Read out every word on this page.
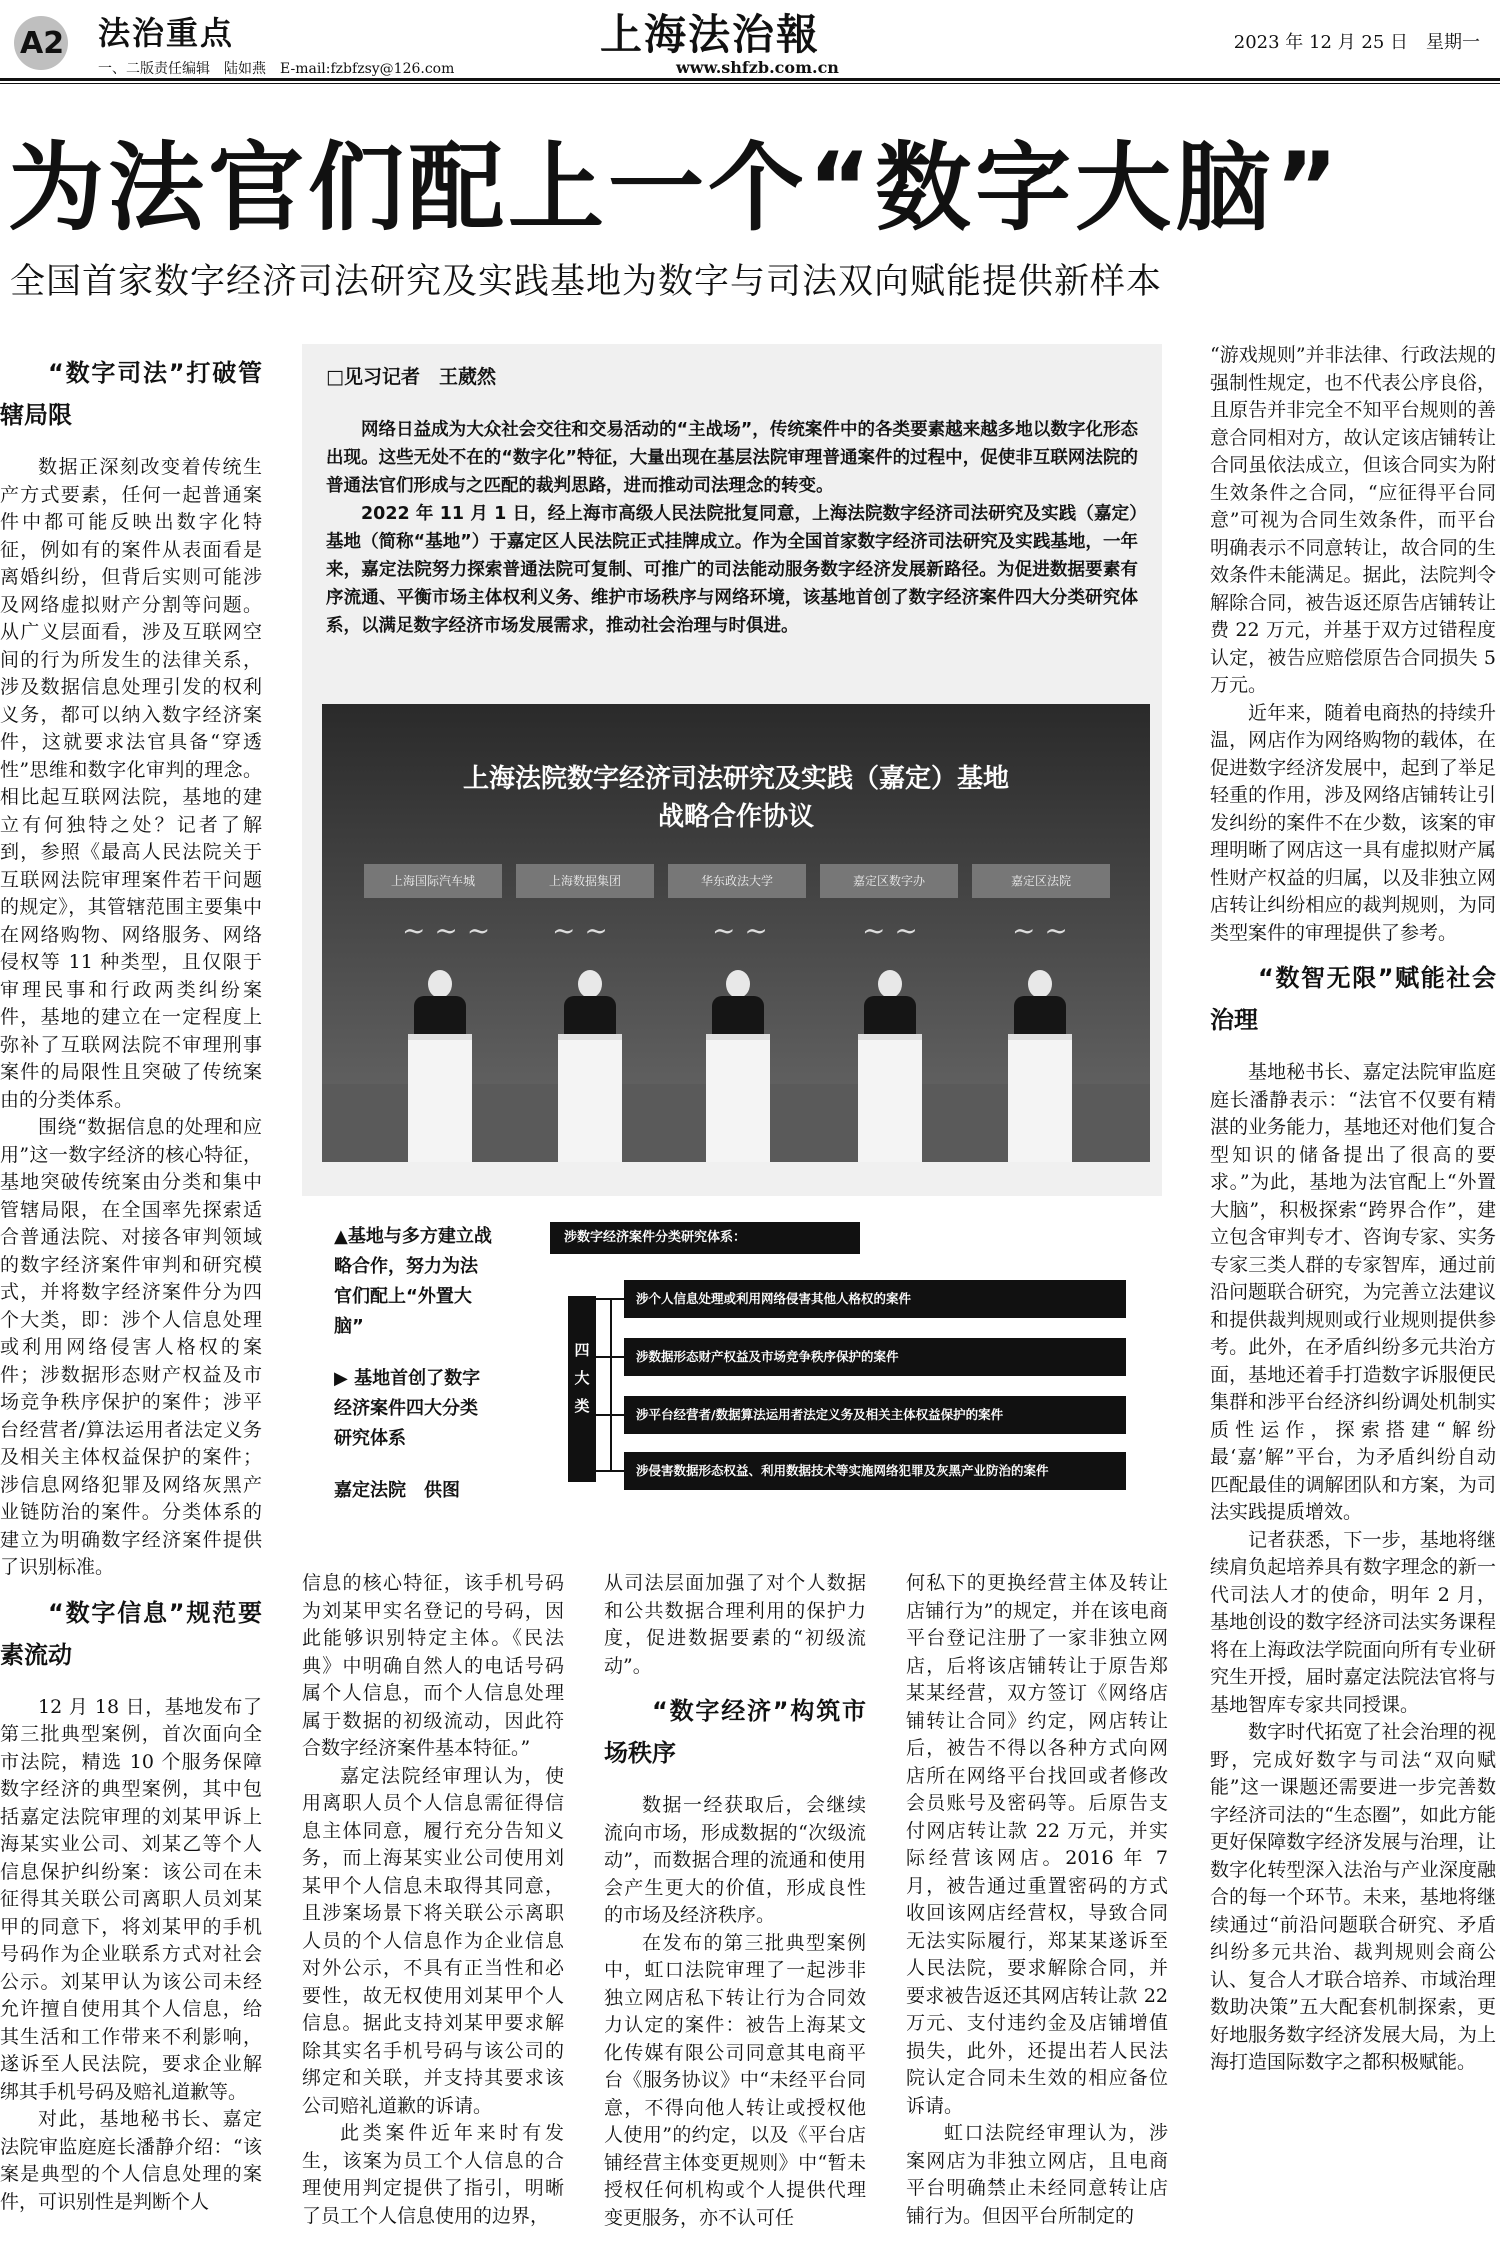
A2 法治重点
一、二版责任编辑　陆如燕　E-mail:fzbfzsy@126.com
上海法治報
www.shfzb.com.cn
2023 年 12 月 25 日　星期一
为法官们配上一个“数字大脑”
全国首家数字经济司法研究及实践基地为数字与司法双向赋能提供新样本
“数字司法”打破管辖局限

数据正深刻改变着传统生产方式要素，任何一起普通案件中都可能反映出数字化特征，例如有的案件从表面看是离婚纠纷，但背后实则可能涉及网络虚拟财产分割等问题。从广义层面看，涉及互联网空间的行为所发生的法律关系，涉及数据信息处理引发的权利义务，都可以纳入数字经济案件，这就要求法官具备“穿透性”思维和数字化审判的理念。相比起互联网法院，基地的建立有何独特之处？记者了解到，参照《最高人民法院关于互联网法院审理案件若干问题的规定》，其管辖范围主要集中在网络购物、网络服务、网络侵权等 11 种类型，且仅限于审理民事和行政两类纠纷案件，基地的建立在一定程度上弥补了互联网法院不审理刑事案件的局限性且突破了传统案由的分类体系。

围绕“数据信息的处理和应用”这一数字经济的核心特征，基地突破传统案由分类和集中管辖局限，在全国率先探索适合普通法院、对接各审判领域的数字经济案件审判和研究模式，并将数字经济案件分为四个大类，即：涉个人信息处理或利用网络侵害人格权的案件；涉数据形态财产权益及市场竞争秩序保护的案件；涉平台经营者/算法运用者法定义务及相关主体权益保护的案件；涉信息网络犯罪及网络灰黑产业链防治的案件。分类体系的建立为明确数字经济案件提供了识别标准。

“数字信息”规范要素流动

12 月 18 日，基地发布了第三批典型案例，首次面向全市法院，精选 10 个服务保障数字经济的典型案例，其中包括嘉定法院审理的刘某甲诉上海某实业公司、刘某乙等个人信息保护纠纷案：该公司在未征得其关联公司离职人员刘某甲的同意下，将刘某甲的手机号码作为企业联系方式对社会公示。刘某甲认为该公司未经允许擅自使用其个人信息，给其生活和工作带来不利影响，遂诉至人民法院，要求企业解绑其手机号码及赔礼道歉等。

对此，基地秘书长、嘉定法院审监庭庭长潘静介绍：“该案是典型的个人信息处理的案件，可识别性是判断个人

□见习记者　王葳然

网络日益成为大众社会交往和交易活动的“主战场”，传统案件中的各类要素越来越多地以数字化形态出现。这些无处不在的“数字化”特征，大量出现在基层法院审理普通案件的过程中，促使非互联网法院的普通法官们形成与之匹配的裁判思路，进而推动司法理念的转变。

2022 年 11 月 1 日，经上海市高级人民法院批复同意，上海法院数字经济司法研究及实践（嘉定）基地（简称“基地”）于嘉定区人民法院正式挂牌成立。作为全国首家数字经济司法研究及实践基地，一年来，嘉定法院努力探索普通法院可复制、可推广的司法能动服务数字经济发展新路径。为促进数据要素有序流通、平衡市场主体权利义务、维护市场秩序与网络环境，该基地首创了数字经济案件四大分类研究体系，以满足数字经济市场发展需求，推动社会治理与时俱进。

上海法院数字经济司法研究及实践（嘉定）基地
战略合作协议
上海国际汽车城	上海数据集团	华东政法大学	嘉定区数字办	嘉定区法院
~ ~ ~ ~ ~	~ ~	~ ~	~ ~

▲基地与多方建立战略合作，努力为法官们配上“外置大脑”

▶ 基地首创了数字经济案件四大分类研究体系

嘉定法院　供图

涉数字经济案件分类研究体系：
四大类
涉个人信息处理或利用网络侵害其他人格权的案件
涉数据形态财产权益及市场竞争秩序保护的案件
涉平台经营者/数据算法运用者法定义务及相关主体权益保护的案件
涉侵害数据形态权益、利用数据技术等实施网络犯罪及灰黑产业防治的案件

信息的核心特征，该手机号码为刘某甲实名登记的号码，因此能够识别特定主体。《民法典》中明确自然人的电话号码属个人信息，而个人信息处理属于数据的初级流动，因此符合数字经济案件基本特征。”

嘉定法院经审理认为，使用离职人员个人信息需征得信息主体同意，履行充分告知义务，而上海某实业公司使用刘某甲个人信息未取得其同意，且涉案场景下将关联公示离职人员的个人信息作为企业信息对外公示，不具有正当性和必要性，故无权使用刘某甲个人信息。据此支持刘某甲要求解除其实名手机号码与该公司的绑定和关联，并支持其要求该公司赔礼道歉的诉请。

此类案件近年来时有发生，该案为员工个人信息的合理使用判定提供了指引，明晰了员工个人信息使用的边界，

从司法层面加强了对个人数据和公共数据合理利用的保护力度，促进数据要素的“初级流动”。

“数字经济”构筑市场秩序

数据一经获取后，会继续流向市场，形成数据的“次级流动”，而数据合理的流通和使用会产生更大的价值，形成良性的市场及经济秩序。

在发布的第三批典型案例中，虹口法院审理了一起涉非独立网店私下转让行为合同效力认定的案件：被告上海某文化传媒有限公司同意其电商平台《服务协议》中“未经平台同意，不得向他人转让或授权他人使用”的约定，以及《平台店铺经营主体变更规则》中“暂未授权任何机构或个人提供代理变更服务，亦不认可任

何私下的更换经营主体及转让店铺行为”的规定，并在该电商平台登记注册了一家非独立网店，后将该店铺转让于原告郑某某经营，双方签订《网络店铺转让合同》约定，网店转让后，被告不得以各种方式向网店所在网络平台找回或者修改会员账号及密码等。后原告支付网店转让款 22 万元，并实际经营该网店。2016 年 7 月，被告通过重置密码的方式收回该网店经营权，导致合同无法实际履行，郑某某遂诉至人民法院，要求解除合同，并要求被告返还其网店转让款 22 万元、支付违约金及店铺增值损失，此外，还提出若人民法院认定合同未生效的相应备位诉请。

虹口法院经审理认为，涉案网店为非独立网店，且电商平台明确禁止未经同意转让店铺行为。但因平台所制定的

“游戏规则”并非法律、行政法规的强制性规定，也不代表公序良俗，且原告并非完全不知平台规则的善意合同相对方，故认定该店铺转让合同虽依法成立，但该合同实为附生效条件之合同，“应征得平台同意”可视为合同生效条件，而平台明确表示不同意转让，故合同的生效条件未能满足。据此，法院判令解除合同，被告返还原告店铺转让费 22 万元，并基于双方过错程度认定，被告应赔偿原告合同损失 5 万元。

近年来，随着电商热的持续升温，网店作为网络购物的载体，在促进数字经济发展中，起到了举足轻重的作用，涉及网络店铺转让引发纠纷的案件不在少数，该案的审理明晰了网店这一具有虚拟财产属性财产权益的归属，以及非独立网店转让纠纷相应的裁判规则，为同类型案件的审理提供了参考。

“数智无限”赋能社会治理

基地秘书长、嘉定法院审监庭庭长潘静表示：“法官不仅要有精湛的业务能力，基地还对他们复合型知识的储备提出了很高的要求。”为此，基地为法官配上“外置大脑”，积极探索“跨界合作”，建立包含审判专才、咨询专家、实务专家三类人群的专家智库，通过前沿问题联合研究，为完善立法建议和提供裁判规则或行业规则提供参考。此外，在矛盾纠纷多元共治方面，基地还着手打造数字诉服便民集群和涉平台经济纠纷调处机制实质性运作，探索搭建“解纷最‘嘉’解”平台，为矛盾纠纷自动匹配最佳的调解团队和方案，为司法实践提质增效。

记者获悉，下一步，基地将继续肩负起培养具有数字理念的新一代司法人才的使命，明年 2 月，基地创设的数字经济司法实务课程将在上海政法学院面向所有专业研究生开授，届时嘉定法院法官将与基地智库专家共同授课。

数字时代拓宽了社会治理的视野，完成好数字与司法“双向赋能”这一课题还需要进一步完善数字经济司法的“生态圈”，如此方能更好保障数字经济发展与治理，让数字化转型深入法治与产业深度融合的每一个环节。未来，基地将继续通过“前沿问题联合研究、矛盾纠纷多元共治、裁判规则会商公认、复合人才联合培养、市域治理数助决策”五大配套机制探索，更好地服务数字经济发展大局，为上海打造国际数字之都积极赋能。
